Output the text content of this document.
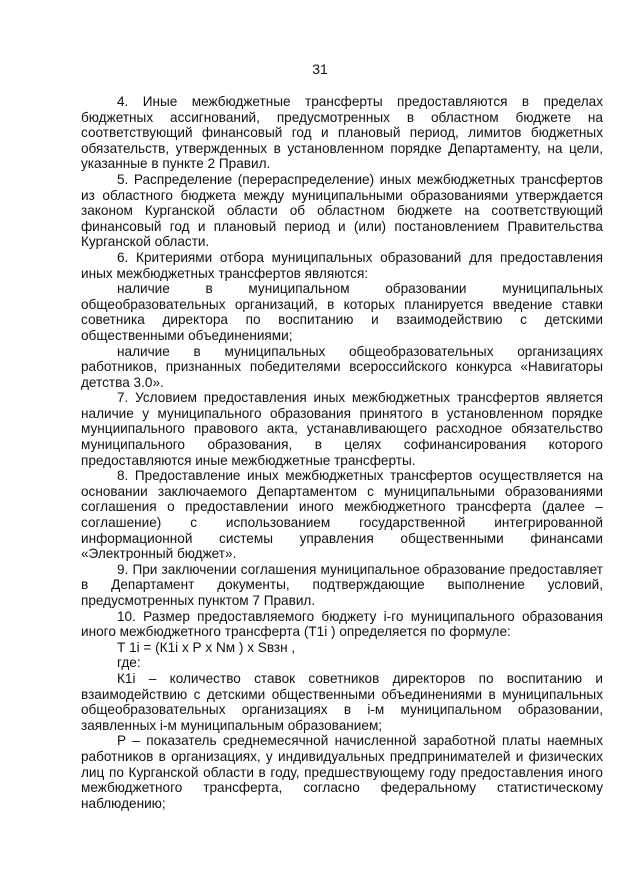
31

4. Иные межбюджетные трансферты предоставляются в пределах бюджетных ассигнований, предусмотренных в областном бюджете на соответствующий финансовый год и плановый период, лимитов бюджетных обязательств, утвержденных в установленном порядке Департаменту, на цели, указанные в пункте 2 Правил.

5. Распределение (перераспределение) иных межбюджетных трансфертов из областного бюджета между муниципальными образованиями утверждается законом Курганской области об областном бюджете на соответствующий финансовый год и плановый период и (или) постановлением Правительства Курганской области.

6. Критериями отбора муниципальных образований для предоставления иных межбюджетных трансфертов являются:

наличие в муниципальном образовании муниципальных общеобразовательных организаций, в которых планируется введение ставки советника директора по воспитанию и взаимодействию с детскими общественными объединениями;

наличие в муниципальных общеобразовательных организациях работников, признанных победителями всероссийского конкурса «Навигаторы детства 3.0».

7. Условием предоставления иных межбюджетных трансфертов является наличие у муниципального образования принятого в установленном порядке мунциипального правового акта, устанавливающего расходное обязательство муниципального образования, в целях софинансирования которого предоставляются иные межбюджетные трансферты.

8. Предоставление иных межбюджетных трансфертов осуществляется на основании заключаемого Департаментом с муниципальными образованиями соглашения о предоставлении иного межбюджетного трансферта (далее – соглашение) с использованием государственной интегрированной информационной системы управления общественными финансами «Электронный бюджет».

9. При заключении соглашения муниципальное образование предоставляет в Департамент документы, подтверждающие выполнение условий, предусмотренных пунктом 7 Правил.

10. Размер предоставляемого бюджету i-го муниципального образования иного межбюджетного трансферта (Т1i ) определяется по формуле:

Т 1i = (К1i х Р х Nм ) х Sвзн ,

где:

К1i – количество ставок советников директоров по воспитанию и взаимодействию с детскими общественными объединениями в муниципальных общеобразовательных организациях в i-м муниципальном образовании, заявленных i-м муниципальным образованием;

Р – показатель среднемесячной начисленной заработной платы наемных работников в организациях, у индивидуальных предпринимателей и физических лиц по Курганской области в году, предшествующему году предоставления иного межбюджетного трансферта, согласно федеральному статистическому наблюдению;
